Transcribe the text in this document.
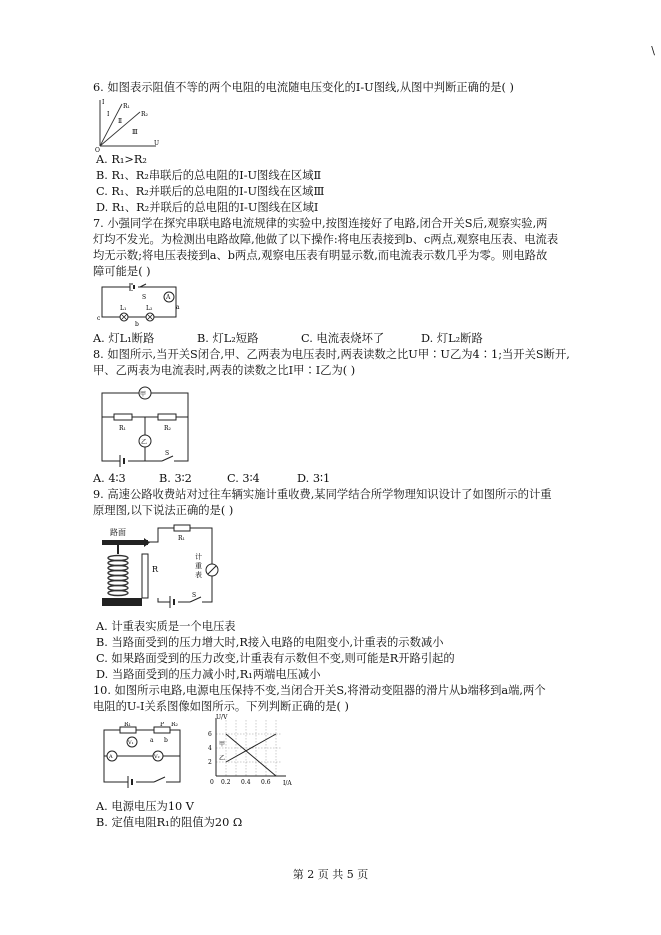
\
6. 如图表示阻值不等的两个电阻的电流随电压变化的I-U图线,从图中判断正确的是( )
O
I
U
R₁
R₂
Ⅰ
Ⅱ
Ⅲ
A. R₁>R₂
B. R₁、R₂串联后的总电阻的I-U图线在区域Ⅱ
C. R₁、R₂并联后的总电阻的I-U图线在区域Ⅲ
D. R₁、R₂并联后的总电阻的I-U图线在区域Ⅰ
7. 小强同学在探究串联电路电流规律的实验中,按图连接好了电路,闭合开关S后,观察实验,两
灯均不发光。为检测出电路故障,他做了以下操作:将电压表接到b、c两点,观察电压表、电流表
均无示数;将电压表接到a、b两点,观察电压表有明显示数,而电流表示数几乎为零。则电路故
障可能是( )
S	A
L₁	L₂
c
b
a
A. 灯L₁断路	B. 灯L₂短路	C. 电流表烧坏了	D. 灯L₂断路
8. 如图所示,当开关S闭合,甲、乙两表为电压表时,两表读数之比U甲∶U乙为4∶1;当开关S断开,
甲、乙两表为电流表时,两表的读数之比I甲∶I乙为( )
甲
R₁	R₂
乙
S
A. 4∶3	B. 3∶2	C. 3∶4	D. 3∶1
9. 高速公路收费站对过往车辆实施计重收费,某同学结合所学物理知识设计了如图所示的计重
原理图,以下说法正确的是( )
路面
R
R₁
计
重
表
S
A. 计重表实质是一个电压表
B. 当路面受到的压力增大时,R接入电路的电阻变小,计重表的示数减小
C. 如果路面受到的压力改变,计重表有示数但不变,则可能是R开路引起的
D. 当路面受到的压力减小时,R₁两端电压减小
10. 如图所示电路,电源电压保持不变,当闭合开关S,将滑动变阻器的滑片从b端移到a端,两个
电阻的U-I关系图像如图所示。下列判断正确的是( )
R₁	R₂
a b
P
A
V₁
V₂
U/V
I/A
6
4
2
0 0.2 0.4 0.6
甲
乙
A. 电源电压为10 V
B. 定值电阻R₁的阻值为20 Ω
第 2 页 共 5 页
